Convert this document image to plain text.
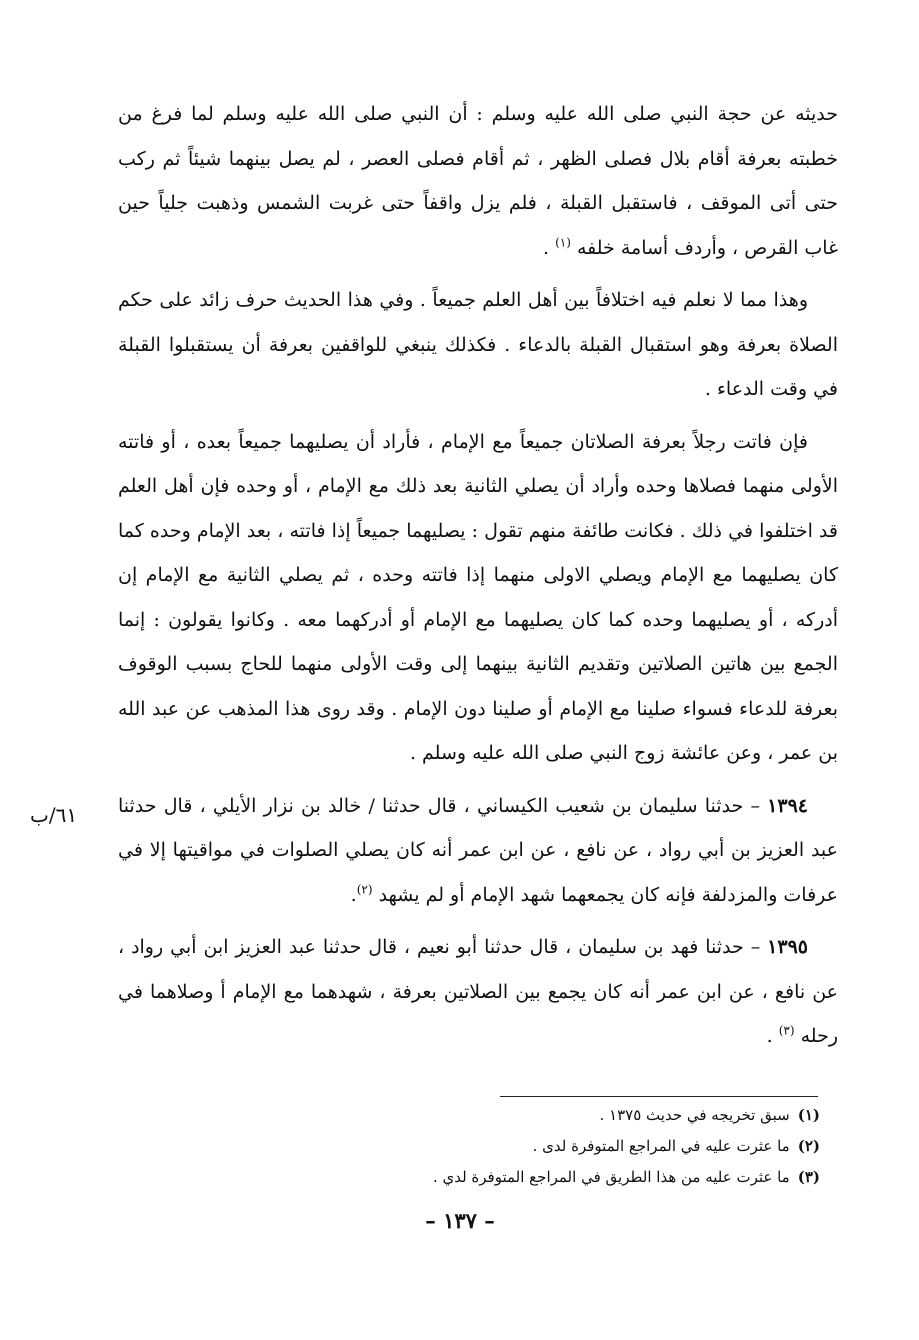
حديثه عن حجة النبي صلى الله عليه وسلم : أن النبي صلى الله عليه وسلم لما فرغ من خطبته بعرفة أقام بلال فصلى الظهر ، ثم أقام فصلى العصر ، لم يصل بينهما شيئاً ثم ركب حتى أتى الموقف ، فاستقبل القبلة ، فلم يزل واقفاً حتى غربت الشمس وذهبت جلياً حين غاب القرص ، وأردف أسامة خلفه $^{(١)}$ .

وهذا مما لا نعلم فيه اختلافاً بين أهل العلم جميعاً . وفي هذا الحديث حرف زائد على حكم الصلاة بعرفة وهو استقبال القبلة بالدعاء . فكذلك ينبغي للواقفين بعرفة أن يستقبلوا القبلة في وقت الدعاء .

فإن فاتت رجلاً بعرفة الصلاتان جميعاً مع الإمام ، فأراد أن يصليهما جميعاً بعده ، أو فاتته الأولى منهما فصلاها وحده وأراد أن يصلي الثانية بعد ذلك مع الإمام ، أو وحده فإن أهل العلم قد اختلفوا في ذلك . فكانت طائفة منهم تقول : يصليهما جميعاً إذا فاتته ، بعد الإمام وحده كما كان يصليهما مع الإمام ويصلي الاولى منهما إذا فاتته وحده ، ثم يصلي الثانية مع الإمام إن أدركه ، أو يصليهما وحده كما كان يصليهما مع الإمام أو أدركهما معه . وكانوا يقولون : إنما الجمع بين هاتين الصلاتين وتقديم الثانية بينهما إلى وقت الأولى منهما للحاج بسبب الوقوف بعرفة للدعاء فسواء صلينا مع الإمام أو صلينا دون الإمام . وقد روى هذا المذهب عن عبد الله بن عمر ، وعن عائشة زوج النبي صلى الله عليه وسلم .

١٣٩٤ – حدثنا سليمان بن شعيب الكيساني ، قال حدثنا / خالد بن نزار الأيلي ، قال حدثنا عبد العزيز بن أبي رواد ، عن نافع ، عن ابن عمر أنه كان يصلي الصلوات في مواقيتها إلا في عرفات والمزدلفة فإنه كان يجمعهما شهد الإمام أو لم يشهد $^{(٢)}$.

١٣٩٥ – حدثنا فهد بن سليمان ، قال حدثنا أبو نعيم ، قال حدثنا عبد العزيز ابن أبي رواد ، عن نافع ، عن ابن عمر أنه كان يجمع بين الصلاتين بعرفة ، شهدهما مع الإمام أ وصلاهما في رحله $^{(٣)}$ .

٦١/ب

(١)سبق تخريجه في حديث ١٣٧٥ .

(٢)ما عثرت عليه في المراجع المتوفرة لدى .

(٣)ما عثرت عليه من هذا الطريق في المراجع المتوفرة لدي .

– ١٣٧ –
